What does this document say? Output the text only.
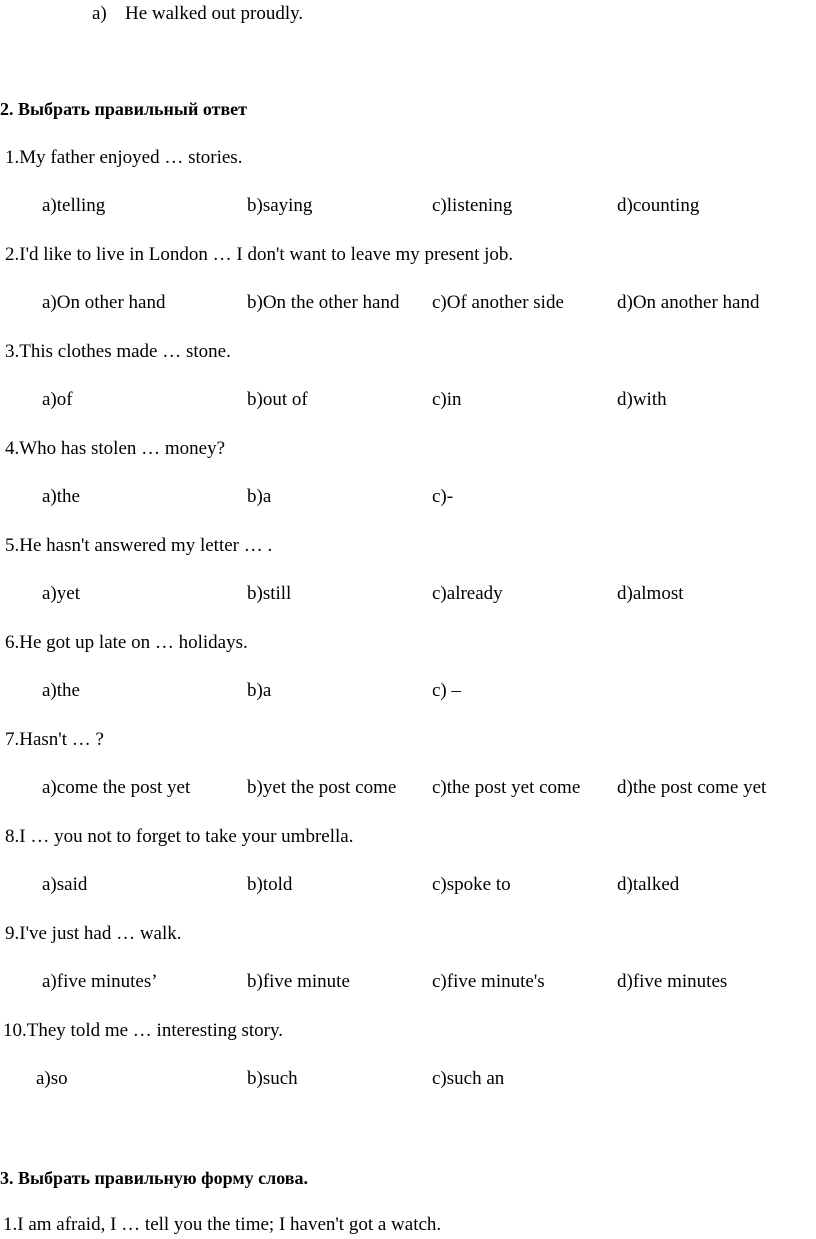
a) He walked out proudly.
2. Выбрать правильный ответ
1.My father enjoyed … stories.
a)telling	b)saying	c)listening	d)counting
2.I'd like to live in London … I don't want to leave my present job.
a)On other hand	b)On the other hand c)Of another side	d)On another hand
3.This clothes made … stone.
a)of	b)out of	c)in	d)with
4.Who has stolen … money?
a)the	b)a	c)-
5.He hasn't answered my letter … .
a)yet	b)still	c)already	d)almost
6.He got up late on … holidays.
a)the	b)a	c) –
7.Hasn't … ?
a)come the post yet	b)yet the post come c)the post yet come d)the post come yet
8.I … you not to forget to take your umbrella.
a)said	b)told	c)spoke to	d)talked
9.I've just had … walk.
a)five minutes’	b)five minute	c)five minute's	d)five minutes
10.They told me … interesting story.
a)so	b)such	c)such an
3. Выбрать правильную форму слова.
1.I am afraid, I … tell you the time; I haven't got a watch.
